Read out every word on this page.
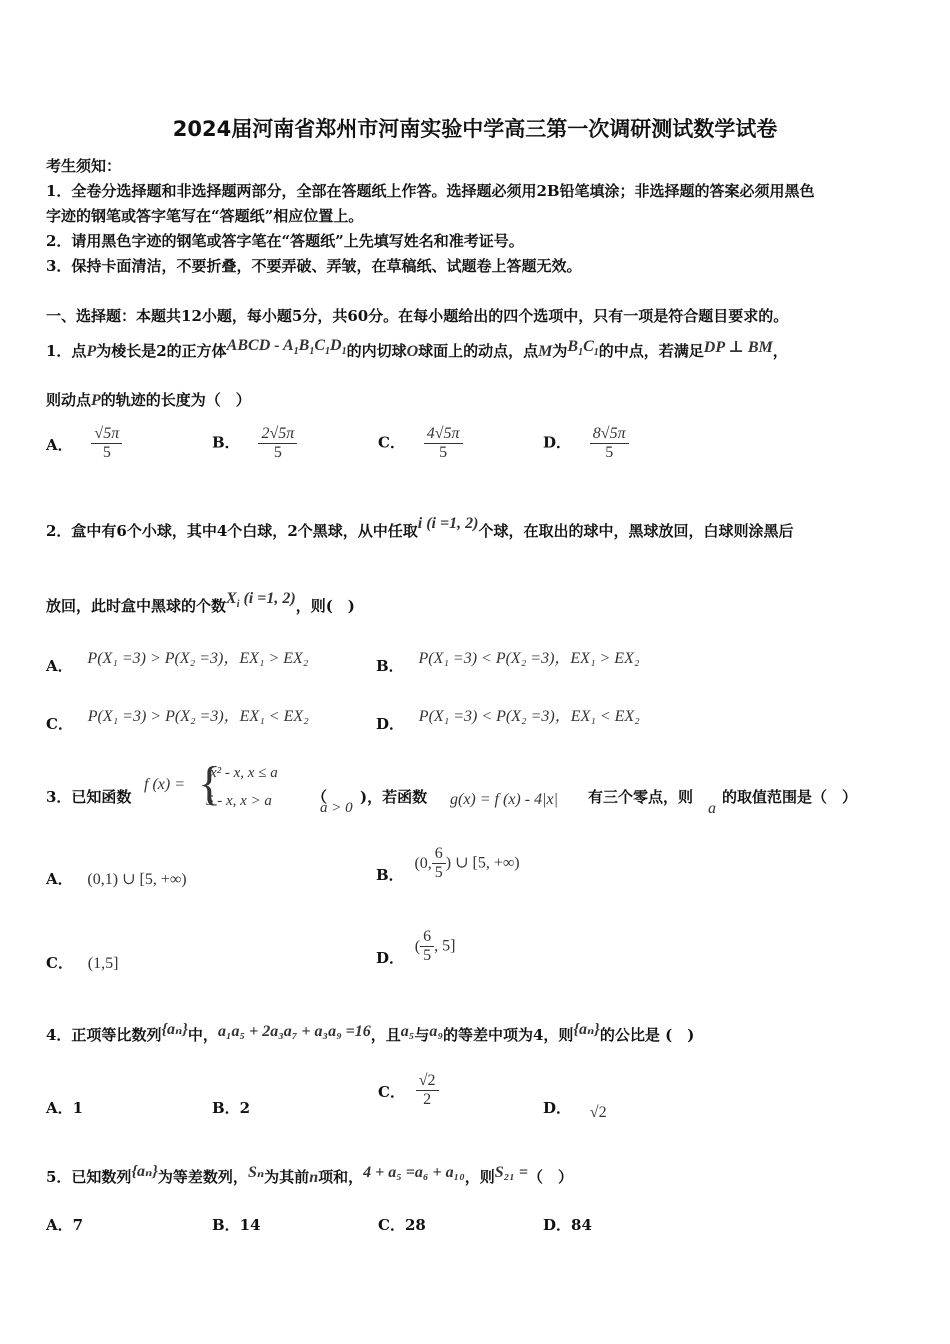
2024届河南省郑州市河南实验中学高三第一次调研测试数学试卷
考生须知：
1．全卷分选择题和非选择题两部分，全部在答题纸上作答。选择题必须用2B铅笔填涂；非选择题的答案必须用黑色
字迹的钢笔或答字笔写在“答题纸”相应位置上。
2．请用黑色字迹的钢笔或答字笔在“答题纸”上先填写姓名和准考证号。
3．保持卡面清洁，不要折叠，不要弄破、弄皱，在草稿纸、试题卷上答题无效。
一、选择题：本题共12小题，每小题5分，共60分。在每小题给出的四个选项中，只有一项是符合题目要求的。
1．点P为棱长是2的正方体ABCD - $A_1B_1C_1D_1$的内切球O球面上的动点，点M为$B_1C_1$的中点，若满足DP ⊥ BM，
则动点P的轨迹的长度为（　）
A． $\frac{√5\pi}{5}$	B． $\frac{2√5\pi}{5}$	C． $\frac{4√5\pi}{5}$	D． $\frac{8√5\pi}{5}$
2．盒中有6个小球，其中4个白球，2个黑球，从中任取i (i =1, 2)个球，在取出的球中，黑球放回，白球则涂黑后
放回，此时盒中黑球的个数$X_i$ (i =1, 2)，则(　)
A． P(X₁ =3) > P(X₂ =3)，EX₁ > EX₂	B． P(X₁ =3) < P(X₂ =3)，EX₁ > EX₂
C． P(X₁ =3) > P(X₂ =3)，EX₁ < EX₂	D． P(X₁ =3) < P(X₂ =3)，EX₁ < EX₂
3．已知函数
f (x) = {
x² - x, x ≤ a
5 - x, x > a	（
a > 0
)，若函数 g(x) = f (x) - 4|x| 有三个零点，则
a
的取值范围是（　）
A． (0,1) ∪ [5, +∞)	B． (0, $\frac{6}{5}$ ) ∪ [5, +∞)
C． (1,5]	D． ( $\frac{6}{5}$ , 5]
4．正项等比数列{aₙ}中，a₁a₅ + 2a₃a₇ + a₃a₉ =16，且a₅与a₉的等差中项为4，则{aₙ}的公比是 (　)
A．1	B．2
C． $\frac{√2}{2}$	D． √2
5．已知数列{aₙ}为等差数列，Sₙ为其前n项和，4 + a₅ =a₆ + a₁₀，则S₂₁ =（　）
A．7	B．14	C．28	D．84
